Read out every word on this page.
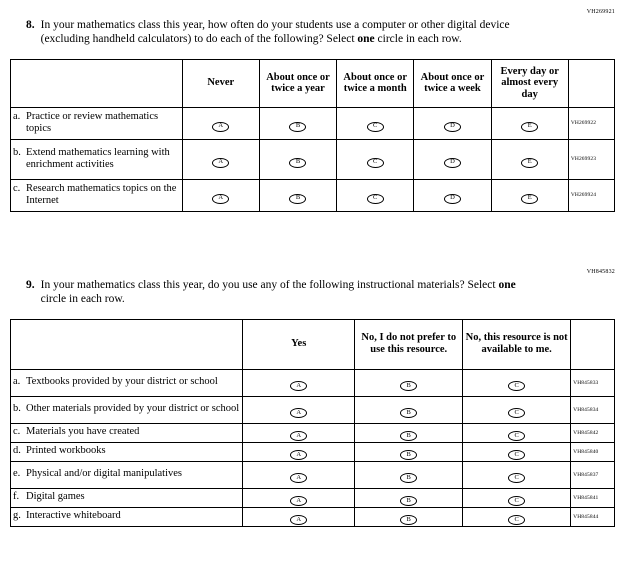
VH269921
8. In your mathematics class this year, how often do your students use a computer or other digital device (excluding handheld calculators) to do each of the following? Select one circle in each row.
	Never	About once or twice a year	About once or twice a month	About once or twice a week	Every day or almost every day	

a. Practice or review mathematics topics	A	B	C	D	E	VH269922

b. Extend mathematics learning with enrichment activities	A	B	C	D	E	VH269923

c. Research mathematics topics on the Internet	A	B	C	D	E	VH269924
VH845832
9. In your mathematics class this year, do you use any of the following instructional materials? Select one circle in each row.
	Yes	No, I do not prefer to use this resource.	No, this resource is not available to me.	

a. Textbooks provided by your district or school	A	B	C	VH845833

b. Other materials provided by your district or school	A	B	C	VH845834

c. Materials you have created	A	B	C	VH845842

d. Printed workbooks	A	B	C	VH845840

e. Physical and/or digital manipulatives	A	B	C	VH845837

f. Digital games	A	B	C	VH845841

g. Interactive whiteboard	A	B	C	VH845844
